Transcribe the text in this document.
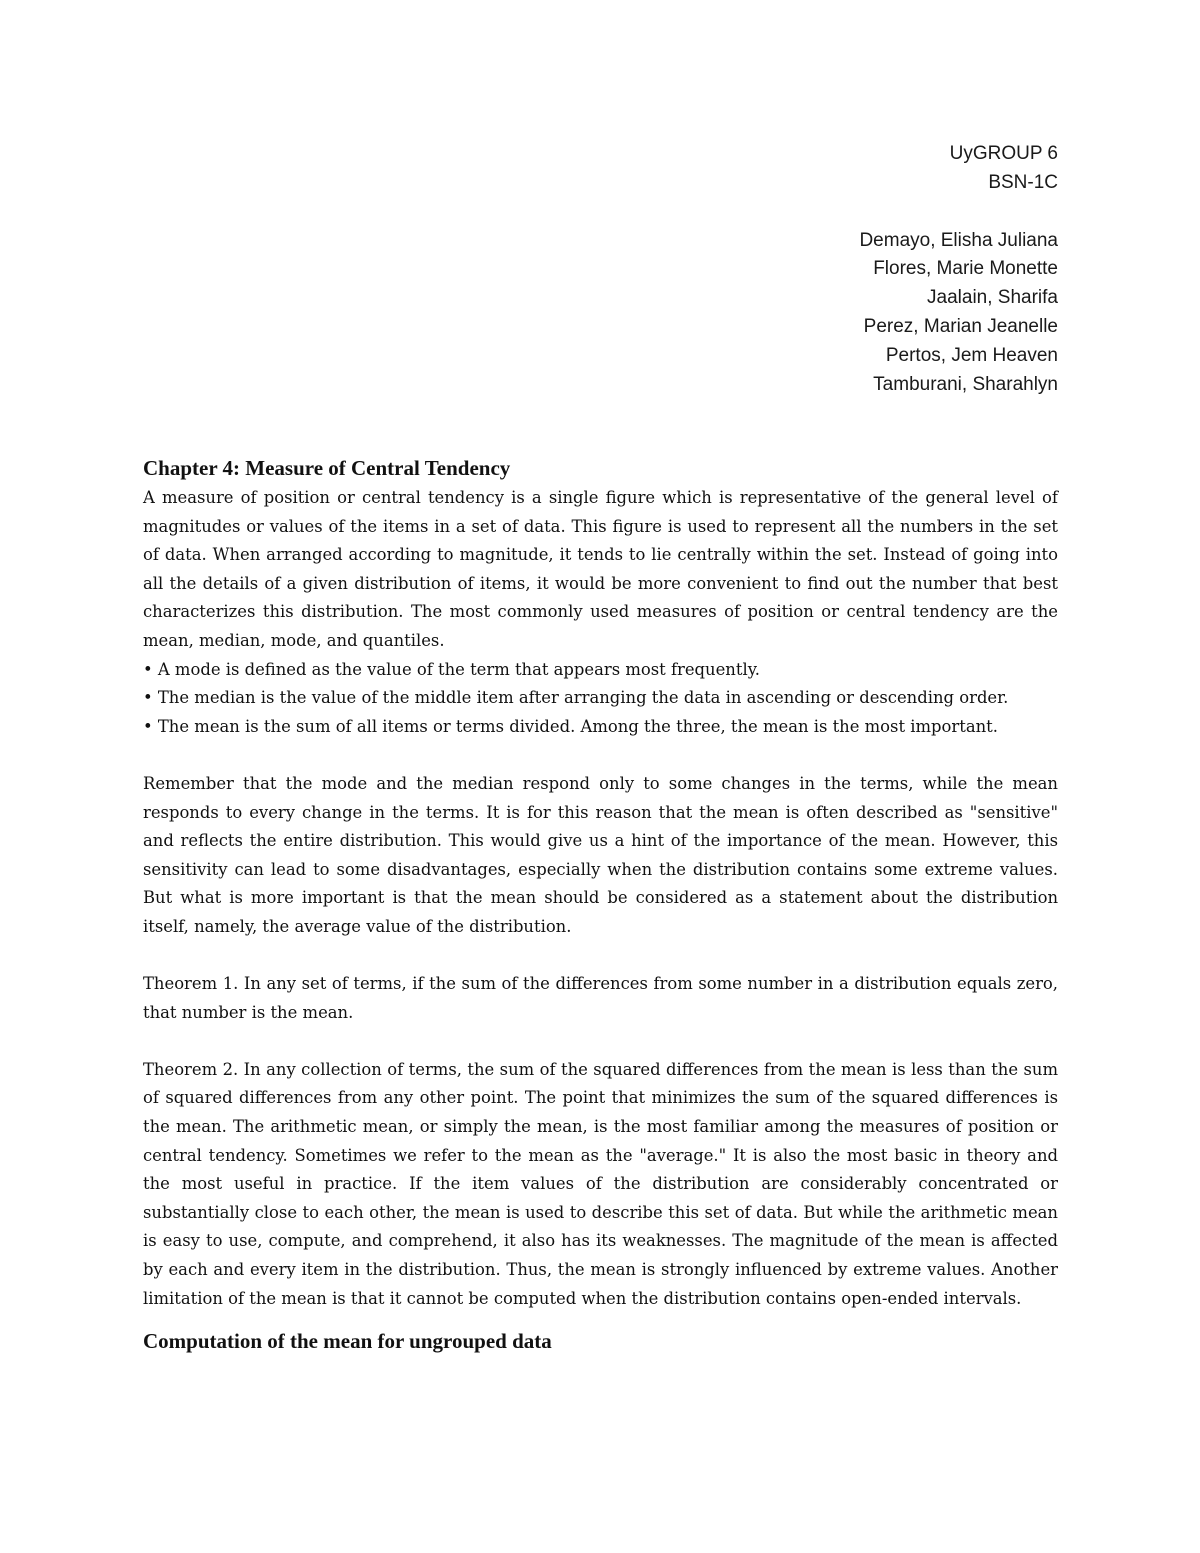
UyGROUP 6
BSN-1C
Demayo, Elisha Juliana
Flores, Marie Monette
Jaalain, Sharifa
Perez, Marian Jeanelle
Pertos, Jem Heaven
Tamburani, Sharahlyn
Chapter 4: Measure of Central Tendency

A measure of position or central tendency is a single figure which is representative of the general level of magnitudes or values of the items in a set of data. This figure is used to represent all the numbers in the set of data. When arranged according to magnitude, it tends to lie centrally within the set. Instead of going into all the details of a given distribution of items, it would be more convenient to find out the number that best characterizes this distribution. The most commonly used measures of position or central tendency are the mean, median, mode, and quantiles.

• A mode is defined as the value of the term that appears most frequently.

• The median is the value of the middle item after arranging the data in ascending or descending order.

• The mean is the sum of all items or terms divided. Among the three, the mean is the most important.

Remember that the mode and the median respond only to some changes in the terms, while the mean responds to every change in the terms. It is for this reason that the mean is often described as "sensitive" and reflects the entire distribution. This would give us a hint of the importance of the mean. However, this sensitivity can lead to some disadvantages, especially when the distribution contains some extreme values. But what is more important is that the mean should be considered as a statement about the distribution itself, namely, the average value of the distribution.

Theorem 1. In any set of terms, if the sum of the differences from some number in a distribution equals zero, that number is the mean.

Theorem 2. In any collection of terms, the sum of the squared differences from the mean is less than the sum of squared differences from any other point. The point that minimizes the sum of the squared differences is the mean. The arithmetic mean, or simply the mean, is the most familiar among the measures of position or central tendency. Sometimes we refer to the mean as the "average." It is also the most basic in theory and the most useful in practice. If the item values of the distribution are considerably concentrated or substantially close to each other, the mean is used to describe this set of data. But while the arithmetic mean is easy to use, compute, and comprehend, it also has its weaknesses. The magnitude of the mean is affected by each and every item in the distribution. Thus, the mean is strongly influenced by extreme values. Another limitation of the mean is that it cannot be computed when the distribution contains open-ended intervals.

Computation of the mean for ungrouped data
